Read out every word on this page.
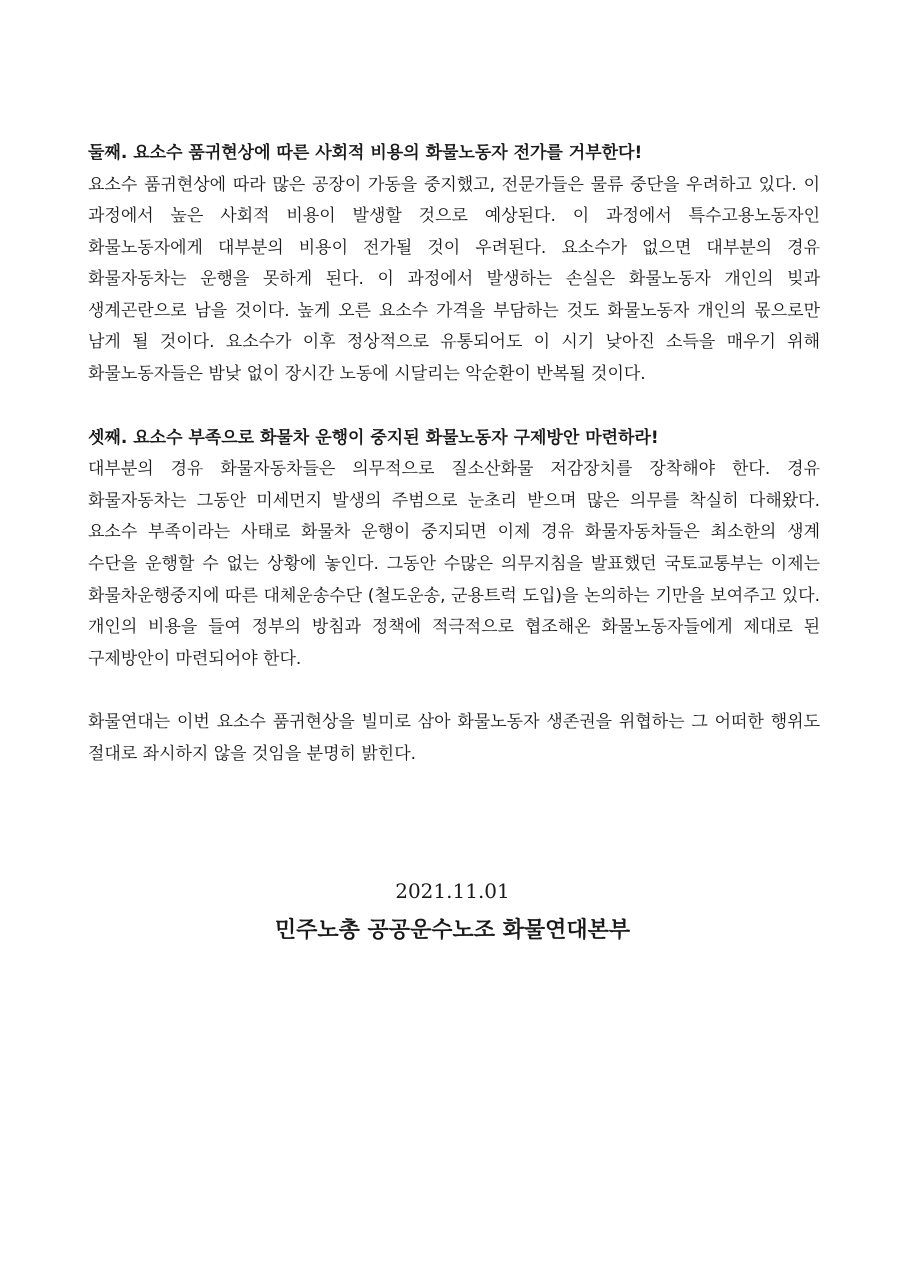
둘째. 요소수 품귀현상에 따른 사회적 비용의 화물노동자 전가를 거부한다!

요소수 품귀현상에 따라 많은 공장이 가동을 중지했고, 전문가들은 물류 중단을 우려하고 있다. 이 과정에서 높은 사회적 비용이 발생할 것으로 예상된다. 이 과정에서 특수고용노동자인 화물노동자에게 대부분의 비용이 전가될 것이 우려된다. 요소수가 없으면 대부분의 경유 화물자동차는 운행을 못하게 된다. 이 과정에서 발생하는 손실은 화물노동자 개인의 빚과 생계곤란으로 남을 것이다. 높게 오른 요소수 가격을 부담하는 것도 화물노동자 개인의 몫으로만 남게 될 것이다. 요소수가 이후 정상적으로 유통되어도 이 시기 낮아진 소득을 매우기 위해 화물노동자들은 밤낮 없이 장시간 노동에 시달리는 악순환이 반복될 것이다.

셋째. 요소수 부족으로 화물차 운행이 중지된 화물노동자 구제방안 마련하라!

대부분의 경유 화물자동차들은 의무적으로 질소산화물 저감장치를 장착해야 한다. 경유 화물자동차는 그동안 미세먼지 발생의 주범으로 눈초리 받으며 많은 의무를 착실히 다해왔다. 요소수 부족이라는 사태로 화물차 운행이 중지되면 이제 경유 화물자동차들은 최소한의 생계 수단을 운행할 수 없는 상황에 놓인다. 그동안 수많은 의무지침을 발표했던 국토교통부는 이제는 화물차운행중지에 따른 대체운송수단 (철도운송, 군용트럭 도입)을 논의하는 기만을 보여주고 있다. 개인의 비용을 들여 정부의 방침과 정책에 적극적으로 협조해온 화물노동자들에게 제대로 된 구제방안이 마련되어야 한다.

화물연대는 이번 요소수 품귀현상을 빌미로 삼아 화물노동자 생존권을 위협하는 그 어떠한 행위도 절대로 좌시하지 않을 것임을 분명히 밝힌다.

2021.11.01

민주노총 공공운수노조 화물연대본부
